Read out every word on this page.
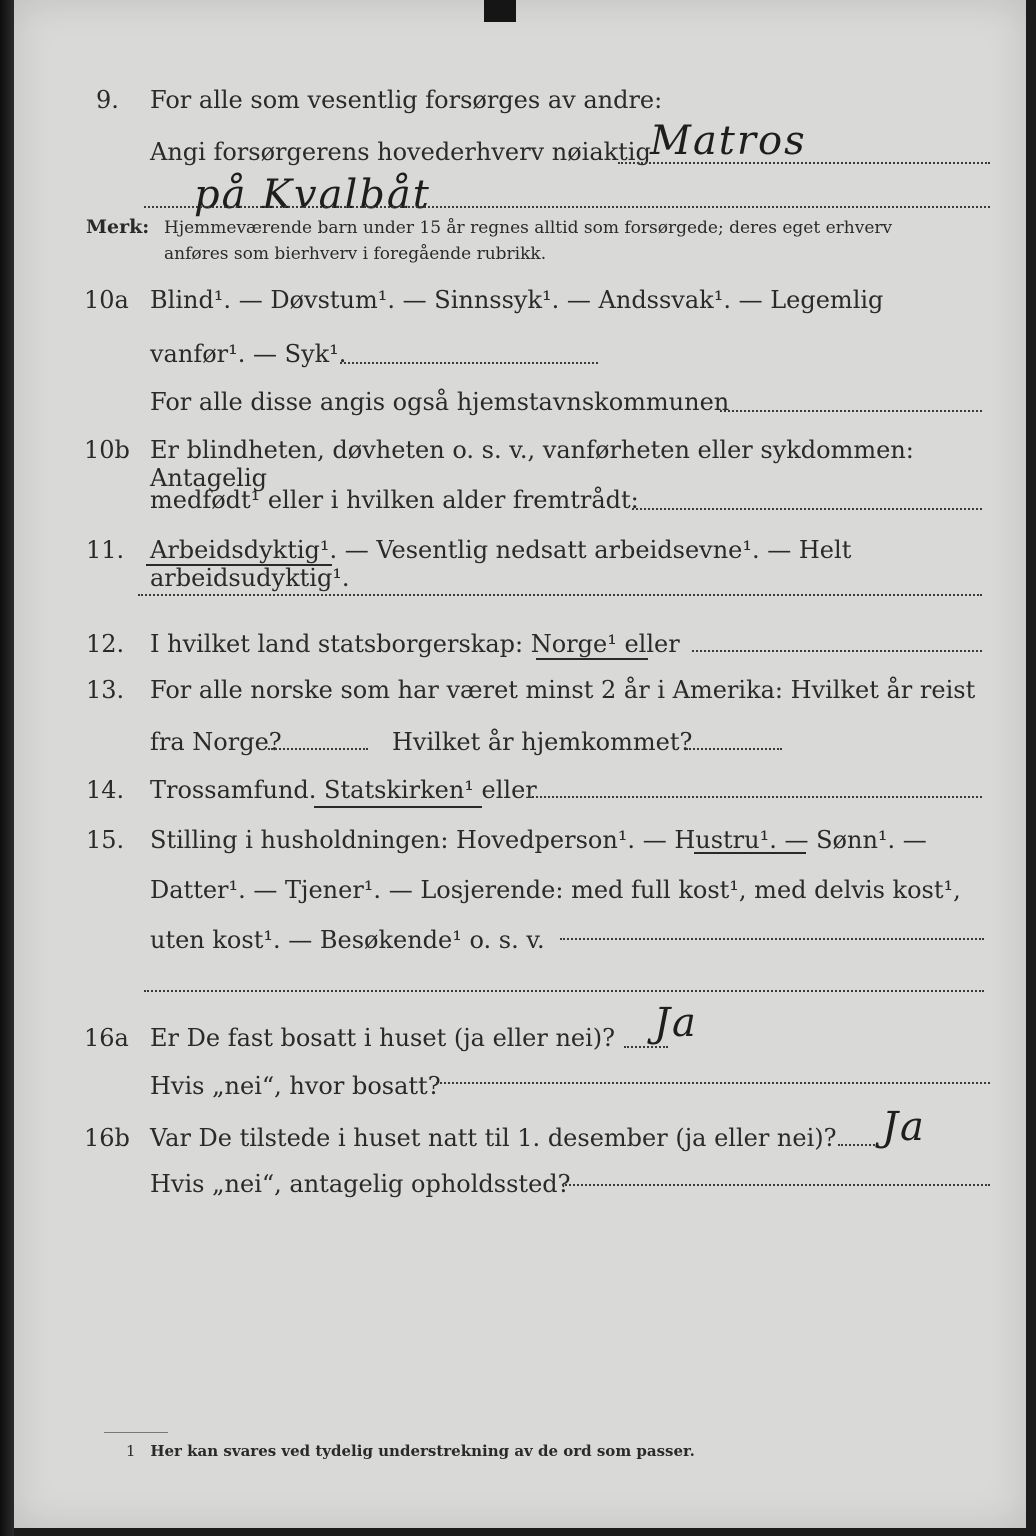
9. For alle som vesentlig forsørges av andre:
Angi forsørgerens hovederhverv nøiaktig Matros
på Kvalbåt
Merk: Hjemmeværende barn under 15 år regnes alltid som forsørgede; deres eget erhverv
anføres som bierhverv i foregående rubrikk.
10a Blind¹. — Døvstum¹. — Sinnssyk¹. — Andssvak¹. — Legemlig
vanfør¹. — Syk¹.
For alle disse angis også hjemstavnskommunen
10b Er blindheten, døvheten o. s. v., vanførheten eller sykdommen: Antagelig
medfødt¹ eller i hvilken alder fremtrådt:
11. Arbeidsdyktig¹. — Vesentlig nedsatt arbeidsevne¹. — Helt arbeidsudyktig¹.
12. I hvilket land statsborgerskap: Norge¹ eller
13. For alle norske som har været minst 2 år i Amerika: Hvilket år reist
fra Norge?	Hvilket år hjemkommet?
14. Trossamfund. Statskirken¹ eller
15. Stilling i husholdningen: Hovedperson¹. — Hustru¹. — Sønn¹. —
Datter¹. — Tjener¹. — Losjerende: med full kost¹, med delvis kost¹,
uten kost¹. — Besøkende¹ o. s. v.
16a Er De fast bosatt i huset (ja eller nei)? Ja
Hvis „nei“, hvor bosatt?
16b Var De tilstede i huset natt til 1. desember (ja eller nei)? Ja
Hvis „nei“, antagelig opholdssted?
1 Her kan svares ved tydelig understrekning av de ord som passer.
